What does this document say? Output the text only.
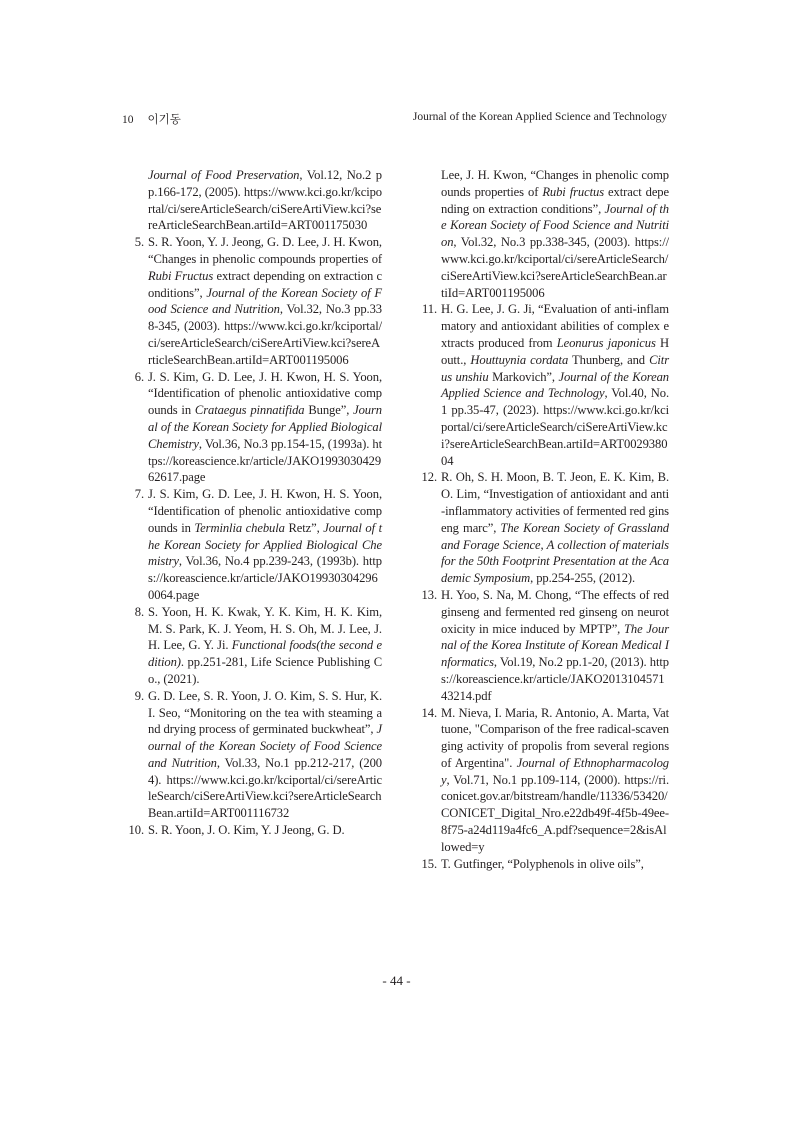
10 이기동	Journal of the Korean Applied Science and Technology
Journal of Food Preservation, Vol.12, No.2 pp.166-172, (2005). https://www.kci.go.kr/kciportal/ci/sereArticleSearch/ciSereArtiView.kci?sereArticleSearchBean.artiId=ART001175030
5. S. R. Yoon, Y. J. Jeong, G. D. Lee, J. H. Kwon, “Changes in phenolic compounds properties of Rubi Fructus extract depending on extraction conditions”, Journal of the Korean Society of Food Science and Nutrition, Vol.32, No.3 pp.338-345, (2003). https://www.kci.go.kr/kciportal/ci/sereArticleSearch/ciSereArtiView.kci?sereArticleSearchBean.artiId=ART001195006
6. J. S. Kim, G. D. Lee, J. H. Kwon, H. S. Yoon, “Identification of phenolic antioxidative compounds in Crataegus pinnatifida Bunge”, Journal of the Korean Society for Applied Biological Chemistry, Vol.36, No.3 pp.154-15, (1993a). https://koreascience.kr/article/JAKO199303042962617.page
7. J. S. Kim, G. D. Lee, J. H. Kwon, H. S. Yoon, “Identification of phenolic antioxidative compounds in Terminlia chebula Retz”, Journal of the Korean Society for Applied Biological Chemistry, Vol.36, No.4 pp.239-243, (1993b). https://koreascience.kr/article/JAKO199303042960064.page
8. S. Yoon, H. K. Kwak, Y. K. Kim, H. K. Kim, M. S. Park, K. J. Yeom, H. S. Oh, M. J. Lee, J. H. Lee, G. Y. Ji. Functional foods(the second edition). pp.251-281, Life Science Publishing Co., (2021).
9. G. D. Lee, S. R. Yoon, J. O. Kim, S. S. Hur, K. I. Seo, “Monitoring on the tea with steaming and drying process of germinated buckwheat”, Journal of the Korean Society of Food Science and Nutrition, Vol.33, No.1 pp.212-217, (2004). https://www.kci.go.kr/kciportal/ci/sereArticleSearch/ciSereArtiView.kci?sereArticleSearchBean.artiId=ART001116732
10. S. R. Yoon, J. O. Kim, Y. J Jeong, G. D.
Lee, J. H. Kwon, “Changes in phenolic compounds properties of Rubi fructus extract depending on extraction conditions”, Journal of the Korean Society of Food Science and Nutrition, Vol.32, No.3 pp.338-345, (2003). https://www.kci.go.kr/kciportal/ci/sereArticleSearch/ciSereArtiView.kci?sereArticleSearchBean.artiId=ART001195006
11. H. G. Lee, J. G. Ji, “Evaluation of anti-inflammatory and antioxidant abilities of complex extracts produced from Leonurus japonicus Houtt., Houttuynia cordata Thunberg, and Citrus unshiu Markovich”, Journal of the Korean Applied Science and Technology, Vol.40, No.1 pp.35-47, (2023). https://www.kci.go.kr/kciportal/ci/sereArticleSearch/ciSereArtiView.kci?sereArticleSearchBean.artiId=ART002938004
12. R. Oh, S. H. Moon, B. T. Jeon, E. K. Kim, B. O. Lim, “Investigation of antioxidant and anti-inflammatory activities of fermented red ginseng marc”, The Korean Society of Grassland and Forage Science, A collection of materials for the 50th Footprint Presentation at the Academic Symposium, pp.254-255, (2012).
13. H. Yoo, S. Na, M. Chong, “The effects of red ginseng and fermented red ginseng on neurotoxicity in mice induced by MPTP”, The Journal of the Korea Institute of Korean Medical Informatics, Vol.19, No.2 pp.1-20, (2013). https://koreascience.kr/article/JAKO201310457143214.pdf
14. M. Nieva, I. Maria, R. Antonio, A. Marta, Vattuone, "Comparison of the free radical-scavenging activity of propolis from several regions of Argentina". Journal of Ethnopharmacology, Vol.71, No.1 pp.109-114, (2000). https://ri.conicet.gov.ar/bitstream/handle/11336/53420/CONICET_Digital_Nro.e22db49f-4f5b-49ee-8f75-a24d119a4fc6_A.pdf?sequence=2&isAllowed=y
15. T. Gutfinger, “Polyphenols in olive oils”,
- 44 -
